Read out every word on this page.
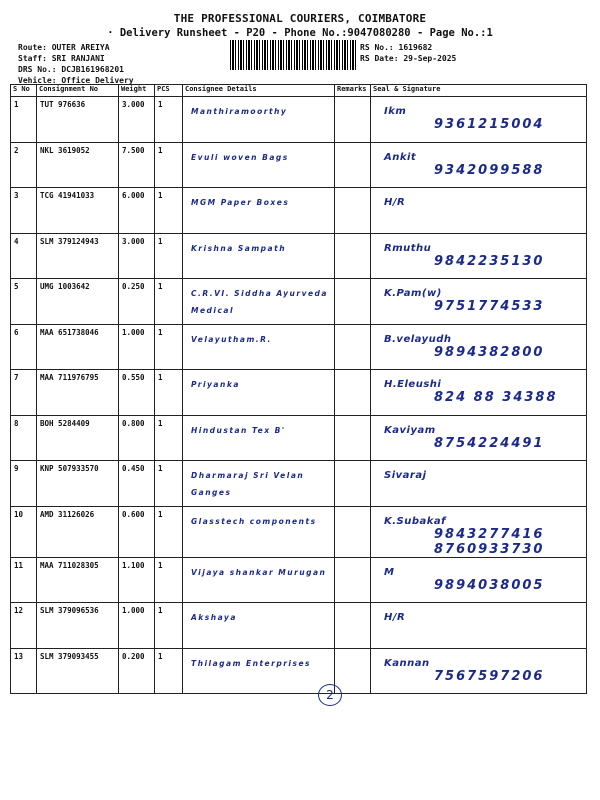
THE PROFESSIONAL COURIERS, COIMBATORE
· Delivery Runsheet - P20 - Phone No.:9047080280 - Page No.:1
Route: OUTER AREIYA
Staff: SRI RANJANI
DRS No.: DCJB161968201
Vehicle: Office Delivery
RS No.: 1619682
RS Date: 29-Sep-2025
S No	Consignment No	Weight	PCS	Consignee Details	Remarks	Seal & Signature
1	TUT 976636	3.000	1	Manthiramoorthy		Ikm
9361215004

2	NKL 3619052	7.500	1	Evuli woven Bags		Ankit
9342099588

3	TCG 41941033	6.000	1	MGM Paper Boxes		H/R

4	SLM 379124943	3.000	1	Krishna Sampath		Rmuthu
9842235130

5	UMG 1003642	0.250	1	C.R.VI. Siddha Ayurveda Medical		K.Pam(w)
9751774533

6	MAA 651738046	1.000	1	Velayutham.R.		B.velayudh
9894382800

7	MAA 711976795	0.550	1	Priyanka		H.Eleushi
824 88 34388

8	BOH 5284409	0.800	1	Hindustan Tex B'		Kaviyam
8754224491

9	KNP 507933570	0.450	1	Dharmaraj Sri Velan Ganges		Sivaraj

10	AMD 31126026	0.600	1	Glasstech components		K.Subakaf
9843277416 8760933730

11	MAA 711028305	1.100	1	Vijaya shankar Murugan		M
9894038005

12	SLM 379096536	1.000	1	Akshaya		H/R

13	SLM 379093455	0.200	1	Thilagam Enterprises		Kannan
7567597206
2
